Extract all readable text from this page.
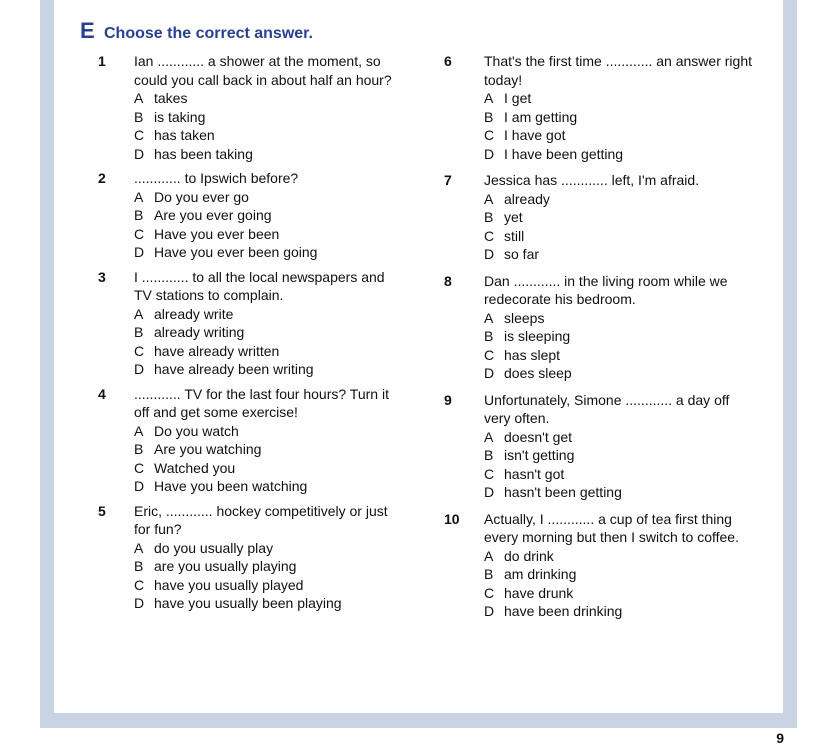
E Choose the correct answer.
1	Ian ............ a shower at the moment, so could you call back in about half an hour?
A takes
B is taking
C has taken
D has been taking
2	............ to Ipswich before?
A Do you ever go
B Are you ever going
C Have you ever been
D Have you ever been going
3	I ............ to all the local newspapers and TV stations to complain.
A already write
B already writing
C have already written
D have already been writing
4	............ TV for the last four hours? Turn it off and get some exercise!
A Do you watch
B Are you watching
C Watched you
D Have you been watching
5	Eric, ............ hockey competitively or just for fun?
A do you usually play
B are you usually playing
C have you usually played
D have you usually been playing
6	That's the first time ............ an answer right today!
A I get
B I am getting
C I have got
D I have been getting
7	Jessica has ............ left, I'm afraid.
A already
B yet
C still
D so far
8	Dan ............ in the living room while we redecorate his bedroom.
A sleeps
B is sleeping
C has slept
D does sleep
9	Unfortunately, Simone ............ a day off very often.
A doesn't get
B isn't getting
C hasn't got
D hasn't been getting
10	Actually, I ............ a cup of tea first thing every morning but then I switch to coffee.
A do drink
B am drinking
C have drunk
D have been drinking
9
